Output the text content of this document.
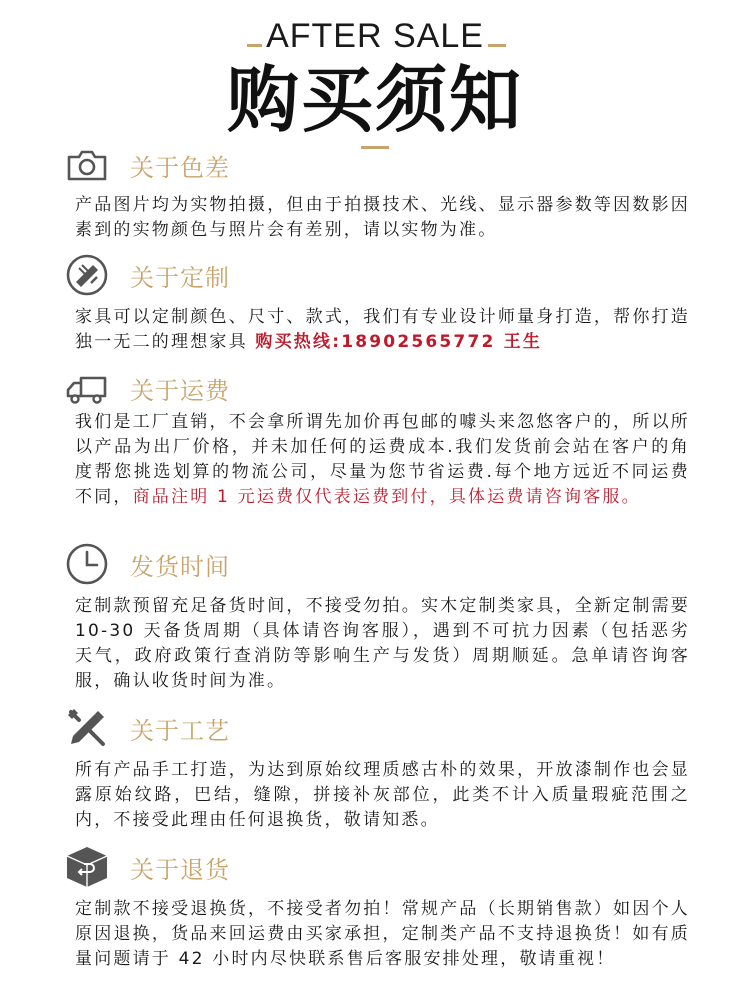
AFTER SALE
购买须知
关于色差
产品图片均为实物拍摄，但由于拍摄技术、光线、显示器参数等因数影因素到的实物颜色与照片会有差别，请以实物为准。
关于定制
家具可以定制颜色、尺寸、款式，我们有专业设计师量身打造，帮你打造独一无二的理想家具 购买热线:18902565772 王生
关于运费
我们是工厂直销，不会拿所谓先加价再包邮的噱头来忽悠客户的，所以所以产品为出厂价格，并未加任何的运费成本.我们发货前会站在客户的角度帮您挑选划算的物流公司，尽量为您节省运费.每个地方远近不同运费不同，商品注明 1 元运费仅代表运费到付，具体运费请咨询客服。
发货时间
定制款预留充足备货时间，不接受勿拍。实木定制类家具，全新定制需要 10-30 天备货周期（具体请咨询客服），遇到不可抗力因素（包括恶劣天气，政府政策行查消防等影响生产与发货）周期顺延。急单请咨询客服，确认收货时间为准。
关于工艺
所有产品手工打造，为达到原始纹理质感古朴的效果，开放漆制作也会显露原始纹路，巴结，缝隙，拼接补灰部位，此类不计入质量瑕疵范围之内，不接受此理由任何退换货，敬请知悉。
关于退货
定制款不接受退换货，不接受者勿拍！常规产品（长期销售款）如因个人原因退换，货品来回运费由买家承担，定制类产品不支持退换货！如有质量问题请于 42 小时内尽快联系售后客服安排处理，敬请重视！
